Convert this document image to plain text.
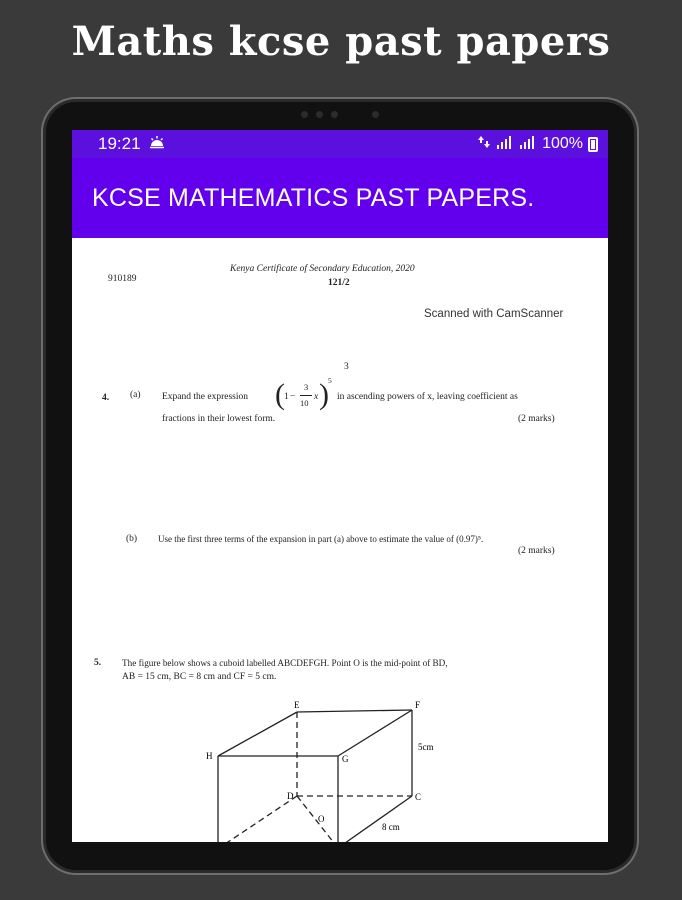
Maths kcse past papers
19:21	100%
KCSE MATHEMATICS PAST PAPERS.
910189
Kenya Certificate of Secondary Education, 2020
121/2
Scanned with CamScanner
3
4. (a) Expand the expression ( 1 −
3
10
x ) 5
in ascending powers of x, leaving coefficient as
fractions in their lowest form.	(2 marks)
(b) Use the first three terms of the expansion in part (a) above to estimate the value of (0.97)⁵.
(2 marks)
5. The figure below shows a cuboid labelled ABCDEFGH. Point O is the mid-point of BD,
AB = 15 cm, BC = 8 cm and CF = 5 cm.
E	F
H	G
D	C
O
5cm
8 cm
